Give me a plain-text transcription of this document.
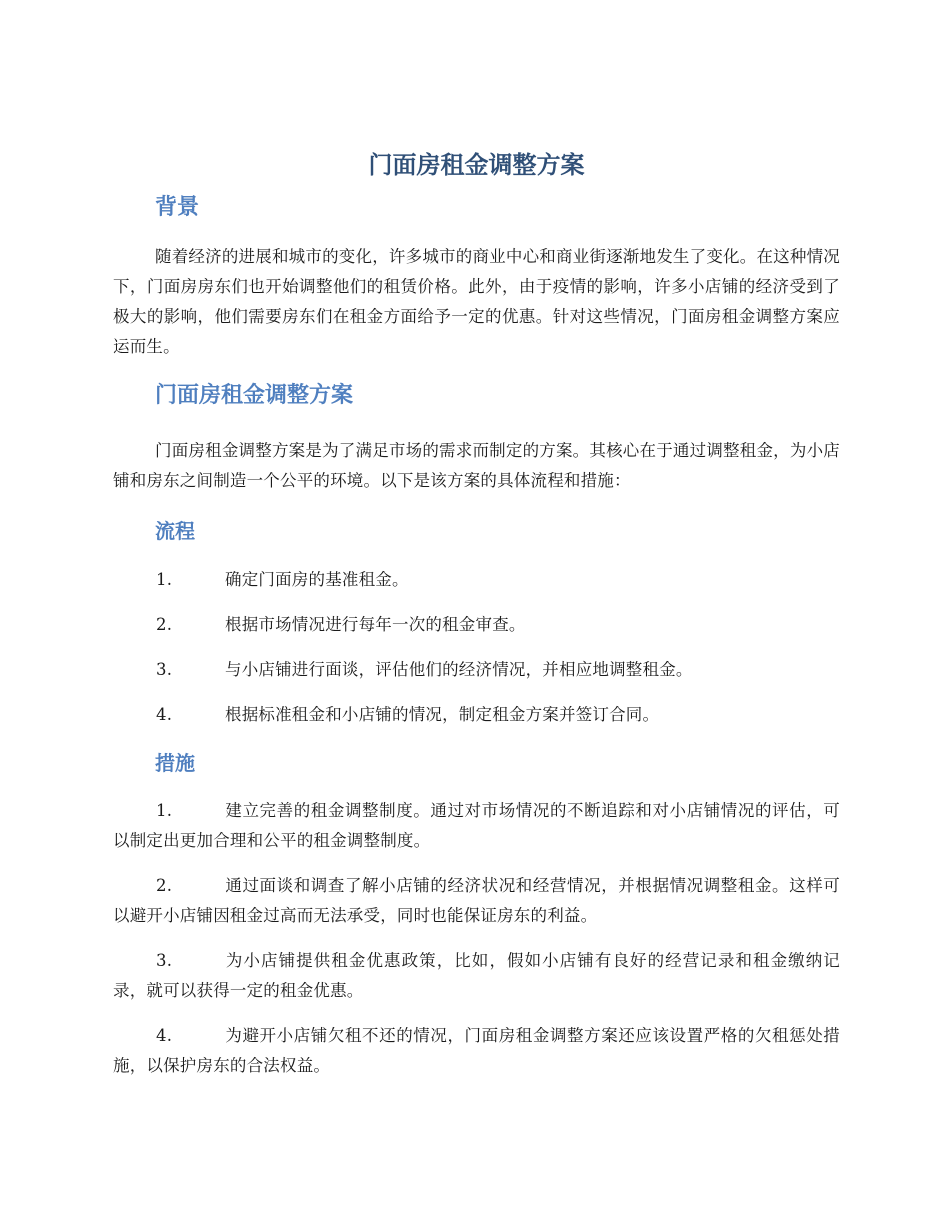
门面房租金调整方案
背景

随着经济的进展和城市的变化，许多城市的商业中心和商业街逐渐地发生了变化。在这种情况下，门面房房东们也开始调整他们的租赁价格。此外，由于疫情的影响，许多小店铺的经济受到了极大的影响，他们需要房东们在租金方面给予一定的优惠。针对这些情况，门面房租金调整方案应运而生。

门面房租金调整方案

门面房租金调整方案是为了满足市场的需求而制定的方案。其核心在于通过调整租金，为小店铺和房东之间制造一个公平的环境。以下是该方案的具体流程和措施：

流程
1.	确定门面房的基准租金。
2.	根据市场情况进行每年一次的租金审查。
3.	与小店铺进行面谈，评估他们的经济情况，并相应地调整租金。
4.	根据标准租金和小店铺的情况，制定租金方案并签订合同。
措施
1.	建立完善的租金调整制度。通过对市场情况的不断追踪和对小店铺情况的评估，可以制定出更加合理和公平的租金调整制度。
2.	通过面谈和调查了解小店铺的经济状况和经营情况，并根据情况调整租金。这样可以避开小店铺因租金过高而无法承受，同时也能保证房东的利益。
3.	为小店铺提供租金优惠政策，比如，假如小店铺有良好的经营记录和租金缴纳记录，就可以获得一定的租金优惠。
4.	为避开小店铺欠租不还的情况，门面房租金调整方案还应该设置严格的欠租惩处措施，以保护房东的合法权益。
